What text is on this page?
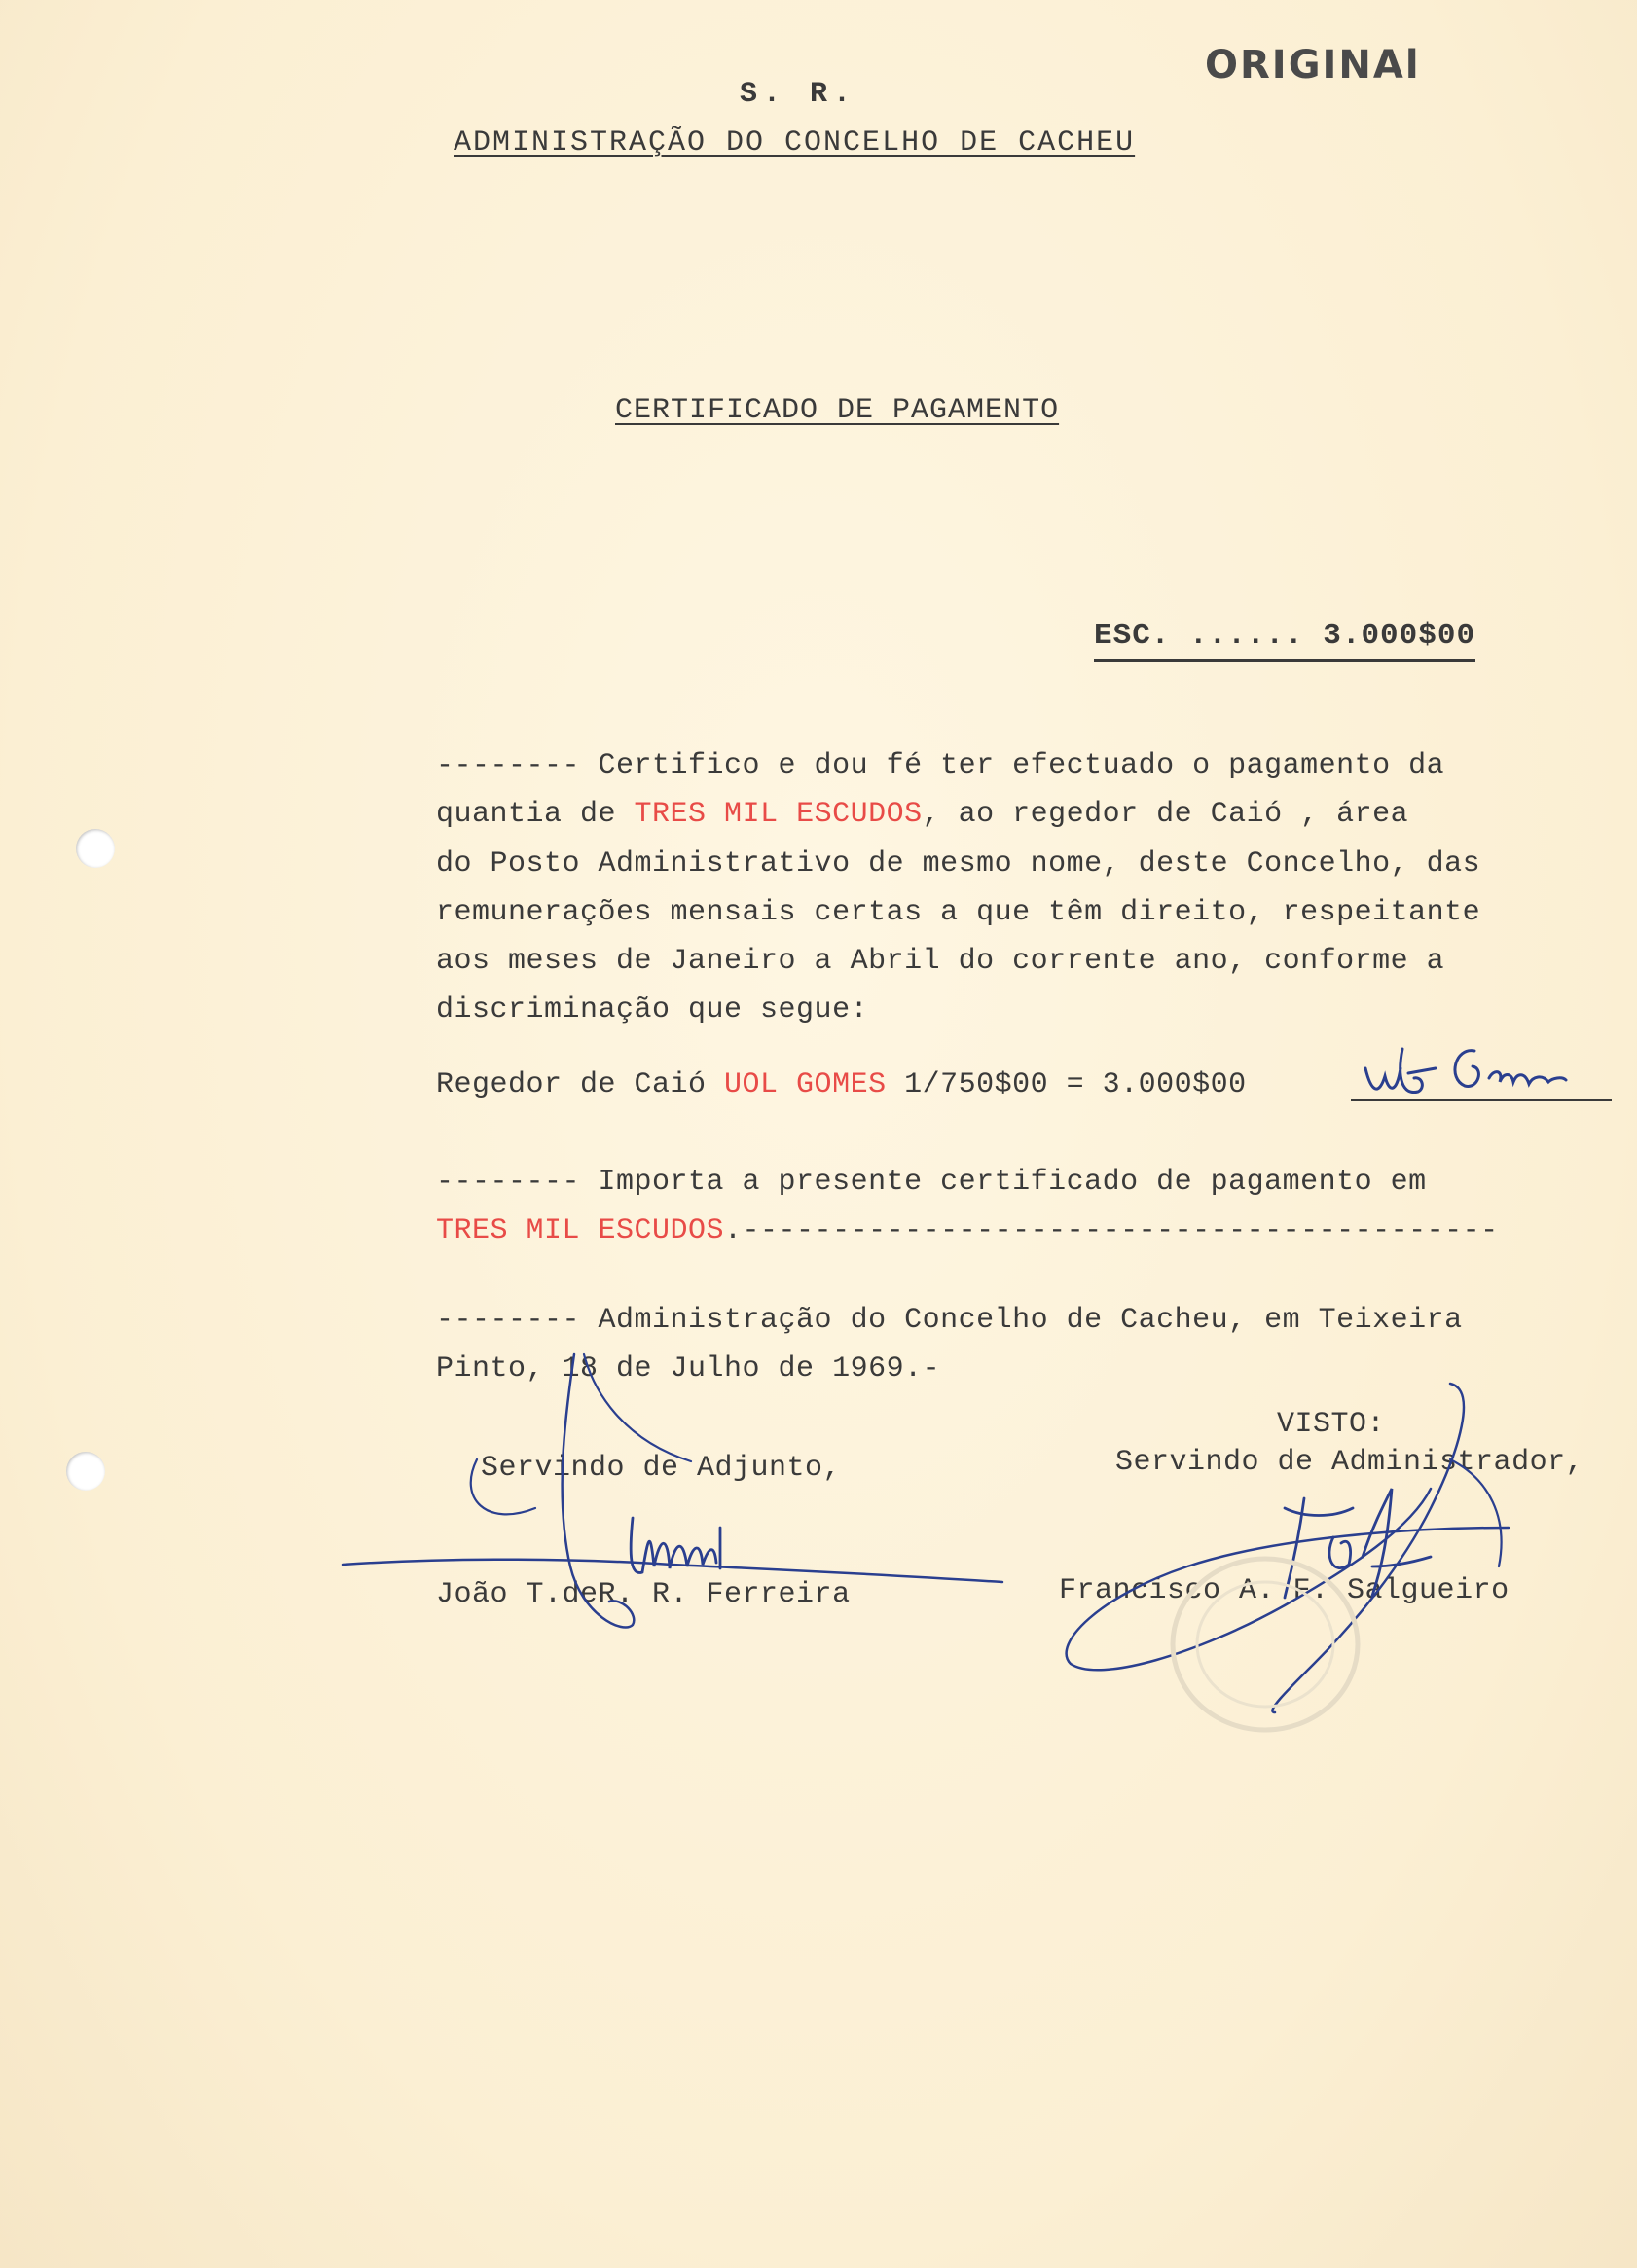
ORIGINAl
S. R.
ADMINISTRAÇÃO DO CONCELHO DE CACHEU
CERTIFICADO DE PAGAMENTO
ESC. ...... 3.000$00
-------- Certifico e dou fé ter efectuado o pagamento da
quantia de TRES MIL ESCUDOS, ao regedor de Caió , área
do Posto Administrativo de mesmo nome, deste Concelho, das
remunerações mensais certas a que têm direito, respeitante
aos meses de Janeiro a Abril do corrente ano, conforme a
discriminação que segue:
Regedor de Caió UOL GOMES 1/750$00 = 3.000$00
-------- Importa a presente certificado de pagamento em
TRES MIL ESCUDOS.------------------------------------------
-------- Administração do Concelho de Cacheu, em Teixeira
Pinto, 18 de Julho de 1969.-
VISTO:
Servindo de Adjunto,	Servindo de Administrador,
João T.deR. R. Ferreira	Francisco A. F. Salgueiro
